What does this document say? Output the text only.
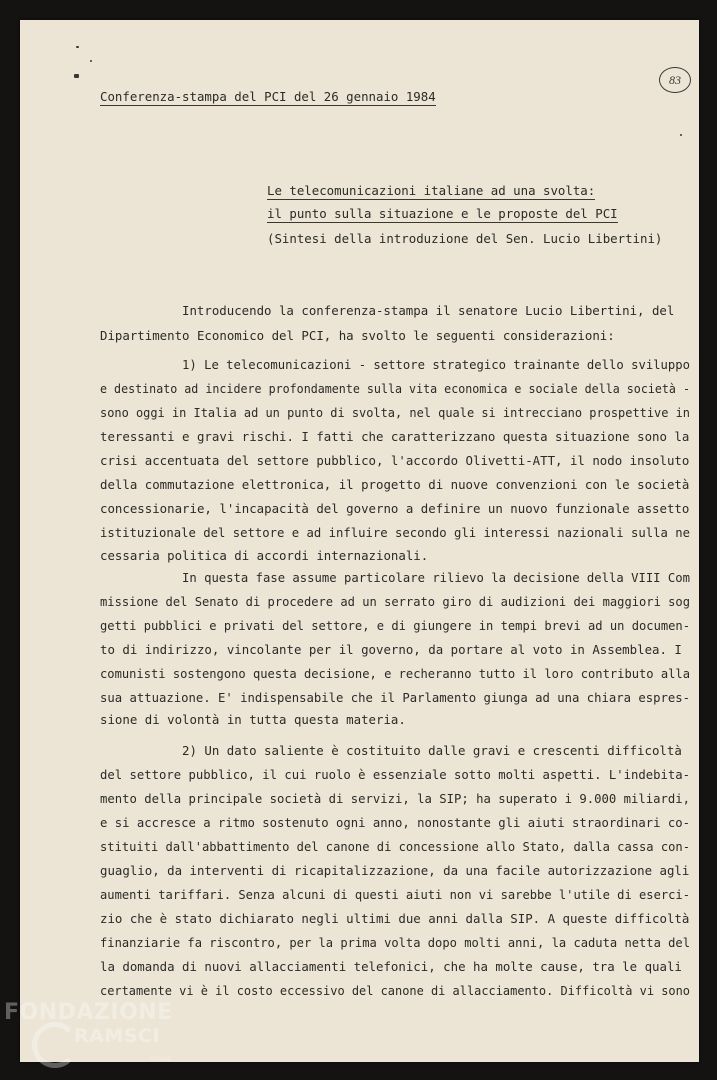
83
Conferenza-stampa del PCI del 26 gennaio 1984
Le telecomunicazioni italiane ad una svolta:
il punto sulla situazione e le proposte del PCI
(Sintesi della introduzione del Sen. Lucio Libertini)
Introducendo la conferenza-stampa il senatore Lucio Libertini, del
Dipartimento Economico del PCI, ha svolto le seguenti considerazioni:
1) Le telecomunicazioni - settore strategico trainante dello sviluppo
e destinato ad incidere profondamente sulla vita economica e sociale della società -
sono oggi in Italia ad un punto di svolta, nel quale si intrecciano prospettive in
teressanti e gravi rischi. I fatti che caratterizzano questa situazione sono la
crisi accentuata del settore pubblico, l'accordo Olivetti-ATT, il nodo insoluto
della commutazione elettronica, il progetto di nuove convenzioni con le società
concessionarie, l'incapacità del governo a definire un nuovo funzionale assetto
istituzionale del settore e ad influire secondo gli interessi nazionali sulla ne
cessaria politica di accordi internazionali.
In questa fase assume particolare rilievo la decisione della VIII Com
missione del Senato di procedere ad un serrato giro di audizioni dei maggiori sog
getti pubblici e privati del settore, e di giungere in tempi brevi ad un documen-
to di indirizzo, vincolante per il governo, da portare al voto in Assemblea. I
comunisti sostengono questa decisione, e recheranno tutto il loro contributo alla
sua attuazione. E' indispensabile che il Parlamento giunga ad una chiara espres-
sione di volontà in tutta questa materia.
2) Un dato saliente è costituito dalle gravi e crescenti difficoltà
del settore pubblico, il cui ruolo è essenziale sotto molti aspetti. L'indebita-
mento della principale società di servizi, la SIP; ha superato i 9.000 miliardi,
e si accresce a ritmo sostenuto ogni anno, nonostante gli aiuti straordinari co-
stituiti dall'abbattimento del canone di concessione allo Stato, dalla cassa con-
guaglio, da interventi di ricapitalizzazione, da una facile autorizzazione agli
aumenti tariffari. Senza alcuni di questi aiuti non vi sarebbe l'utile di eserci-
zio che è stato dichiarato negli ultimi due anni dalla SIP. A queste difficoltà
finanziarie fa riscontro, per la prima volta dopo molti anni, la caduta netta del
la domanda di nuovi allacciamenti telefonici, che ha molte cause, tra le quali
certamente vi è il costo eccessivo del canone di allacciamento. Difficoltà vi sono
FONDAZIONE
RAMSCI
onlus
